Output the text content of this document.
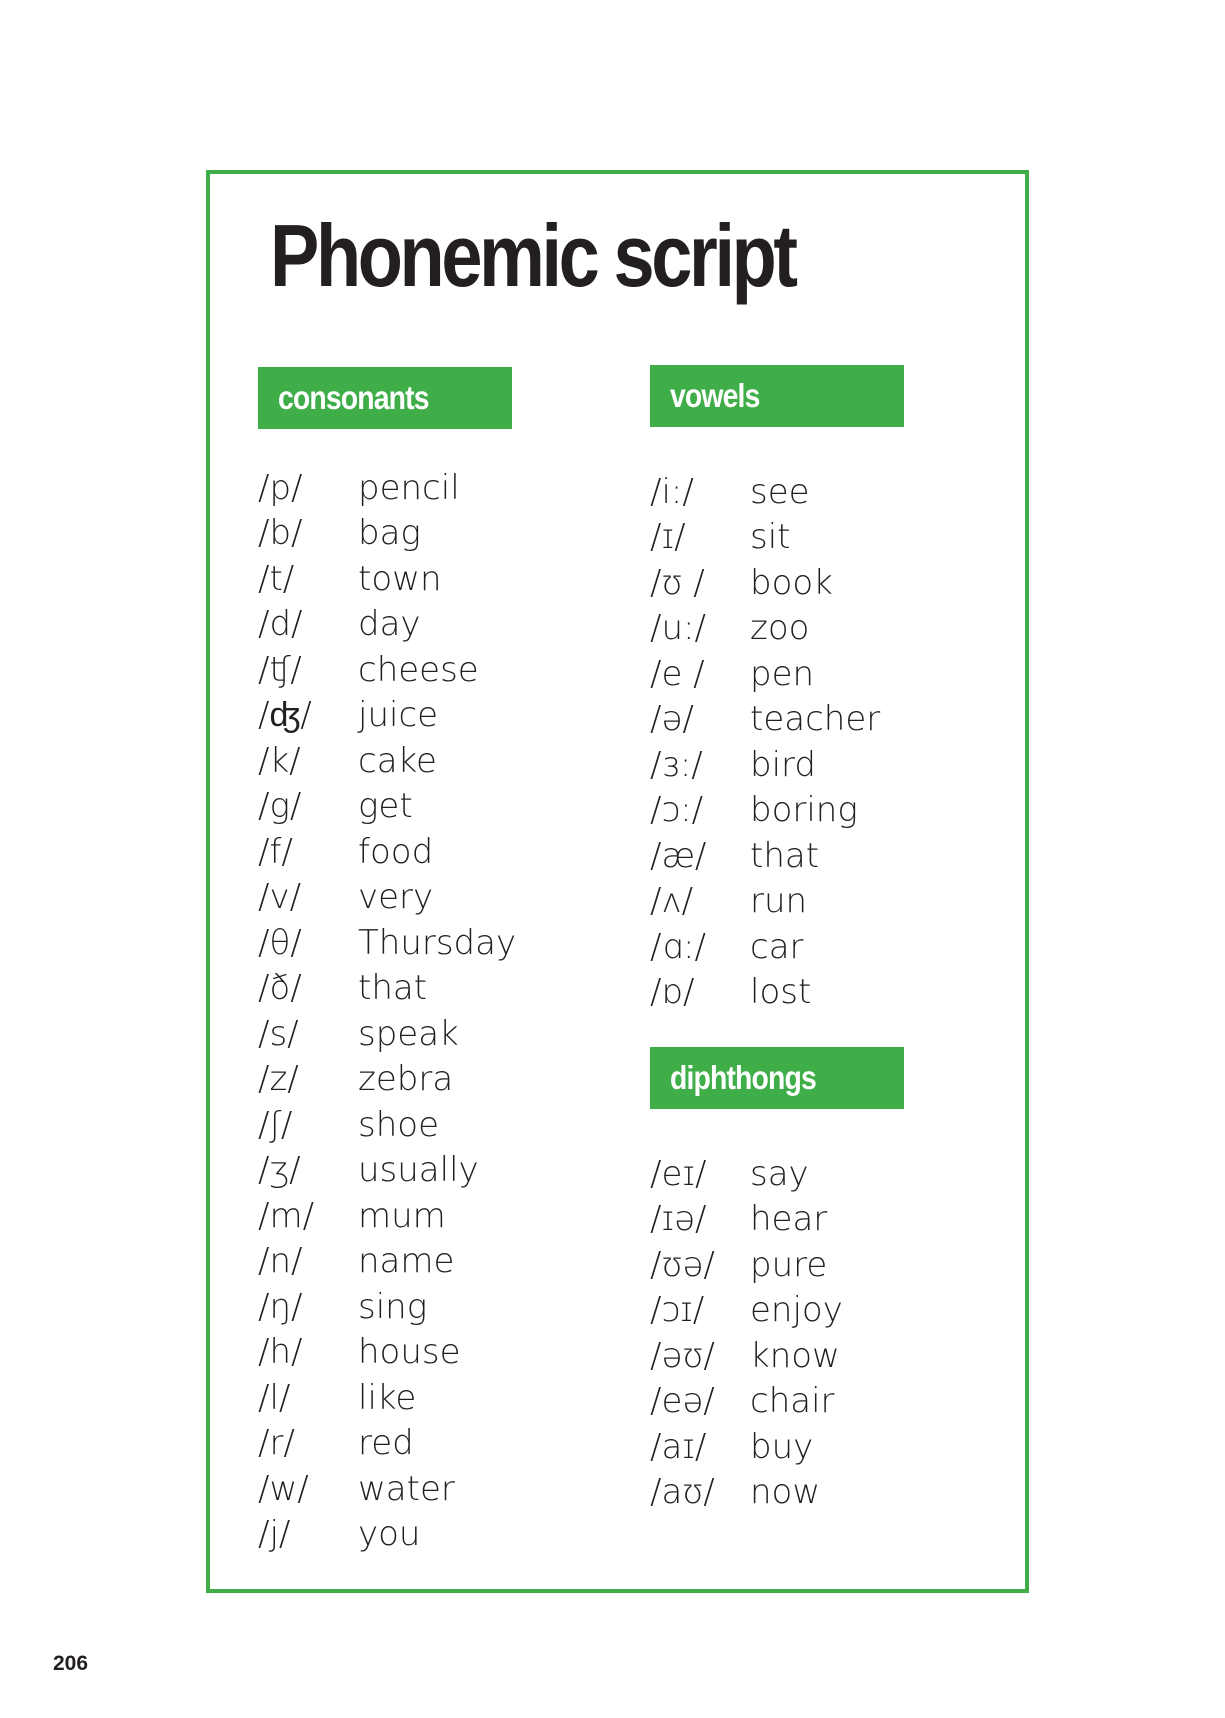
Phonemic script
consonants
/p/	pencil
/b/	bag
/t/	town
/d/	day
/ʧ/	cheese
/ʤ/	juice
/k/	cake
/g/	get
/f/	food
/v/	very
/θ/	Thursday
/ð/	that
/s/	speak
/z/	zebra
/ʃ/	shoe
/ʒ/	usually
/m/	mum
/n/	name
/ŋ/	sing
/h/	house
/l/	like
/r/	red
/w/	water
/j/	you
vowels
/i:/	see
/ɪ/	sit
/ʊ /	book
/u:/	zoo
/e /	pen
/ə/	teacher
/ɜ:/	bird
/ɔ:/	boring
/æ/	that
/ʌ/	run
/ɑ:/	car
/ɒ/	lost
diphthongs
/eɪ/	say
/ɪə/	hear
/ʊə/	pure
/ɔɪ/	enjoy
/əʊ/	know
/eə/	chair
/aɪ/	buy
/aʊ/	now

206
